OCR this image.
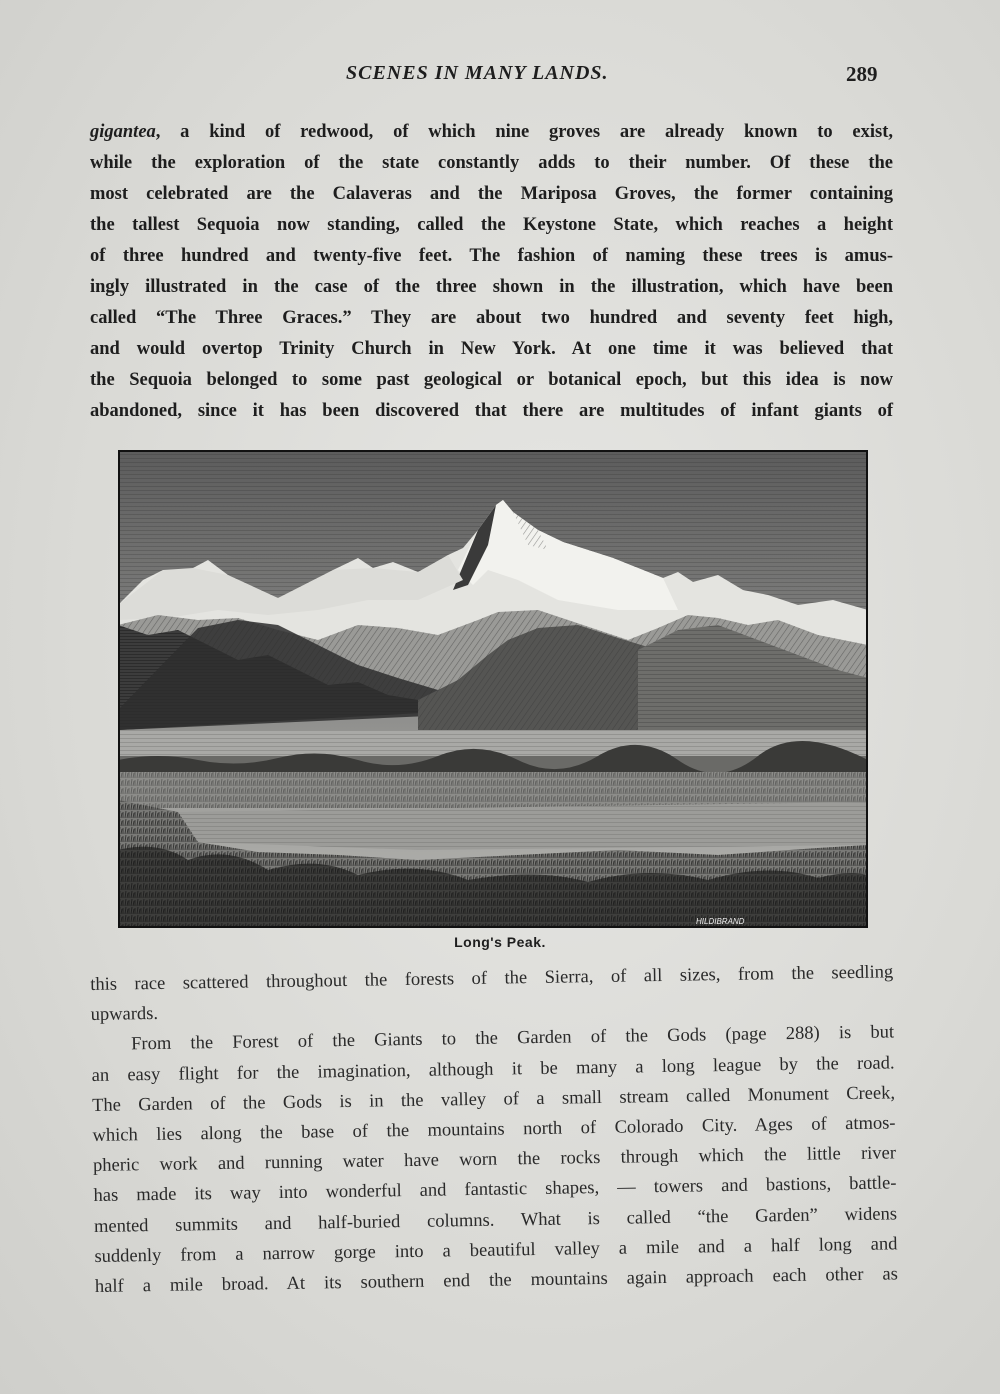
SCENES IN MANY LANDS.	289

gigantea, a kind of redwood, of which nine groves are already known to exist,
while the exploration of the state constantly adds to their number. Of these the
most celebrated are the Calaveras and the Mariposa Groves, the former containing
the tallest Sequoia now standing, called the Keystone State, which reaches a height
of three hundred and twenty-five feet. The fashion of naming these trees is amus-
ingly illustrated in the case of the three shown in the illustration, which have been
called “The Three Graces.” They are about two hundred and seventy feet high,
and would overtop Trinity Church in New York. At one time it was believed that
the Sequoia belonged to some past geological or botanical epoch, but this idea is now
abandoned, since it has been discovered that there are multitudes of infant giants of

HILDIBRAND
Long's Peak.

this race scattered throughout the forests of the Sierra, of all sizes, from the seedling
upwards.
From the Forest of the Giants to the Garden of the Gods (page 288) is but
an easy flight for the imagination, although it be many a long league by the road.
The Garden of the Gods is in the valley of a small stream called Monument Creek,
which lies along the base of the mountains north of Colorado City. Ages of atmos-
pheric work and running water have worn the rocks through which the little river
has made its way into wonderful and fantastic shapes, — towers and bastions, battle-
mented summits and half-buried columns. What is called “the Garden” widens
suddenly from a narrow gorge into a beautiful valley a mile and a half long and
half a mile broad. At its southern end the mountains again approach each other as
